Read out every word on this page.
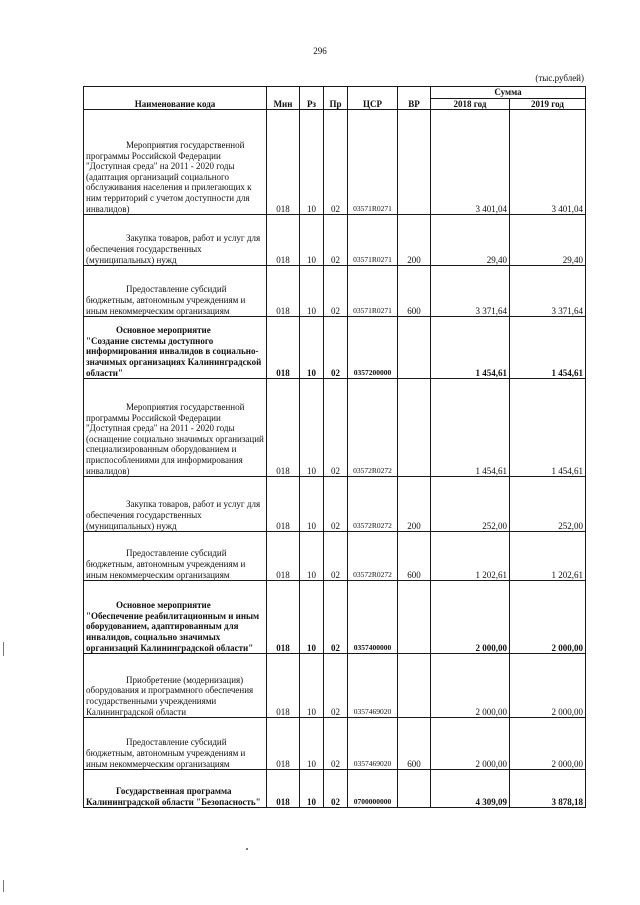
296
(тыс.рублей)
Наименование кода	Мин	Рз	Пр	ЦСР	ВР	Сумма	
						2018 год	2019 год

Мероприятия государственной программы Российской Федерации "Доступная среда" на 2011 - 2020 годы (адаптация организаций социального обслуживания населения и прилегающих к ним территорий с учетом доступности для инвалидов)	018	10	02	03571R0271		3 401,04	3 401,04

Закупка товаров, работ и услуг для обеспечения государственных (муниципальных) нужд	018	10	02	03571R0271	200	29,40	29,40

Предоставление субсидий бюджетным, автономным учреждениям и иным некоммерческим организациям	018	10	02	03571R0271	600	3 371,64	3 371,64

Основное мероприятие
"Создание системы доступного информирования инвалидов в социально-значимых организациях Калининградской области"	018	10	02	0357200000		1 454,61	1 454,61

Мероприятия государственной программы Российской Федерации "Доступная среда" на 2011 - 2020 годы (оснащение социально значимых организаций специализированным оборудованием и приспособлениями для информирования инвалидов)	018	10	02	03572R0272		1 454,61	1 454,61

Закупка товаров, работ и услуг для обеспечения государственных (муниципальных) нужд	018	10	02	03572R0272	200	252,00	252,00

Предоставление субсидий бюджетным, автономным учреждениям и иным некоммерческим организациям	018	10	02	03572R0272	600	1 202,61	1 202,61

Основное мероприятие
"Обеспечение реабилитационным и иным оборудованием, адаптированным для инвалидов, социально значимых организаций Калининградской области"	018	10	02	0357400000		2 000,00	2 000,00

Приобретение (модернизация) оборудования и программного обеспечения государственными учреждениями Калининградской области	018	10	02	0357469020		2 000,00	2 000,00

Предоставление субсидий бюджетным, автономным учреждениям и иным некоммерческим организациям	018	10	02	0357469020	600	2 000,00	2 000,00

Государственная программа
Калининградской области "Безопасность"	018	10	02	0700000000		4 309,09	3 878,18
